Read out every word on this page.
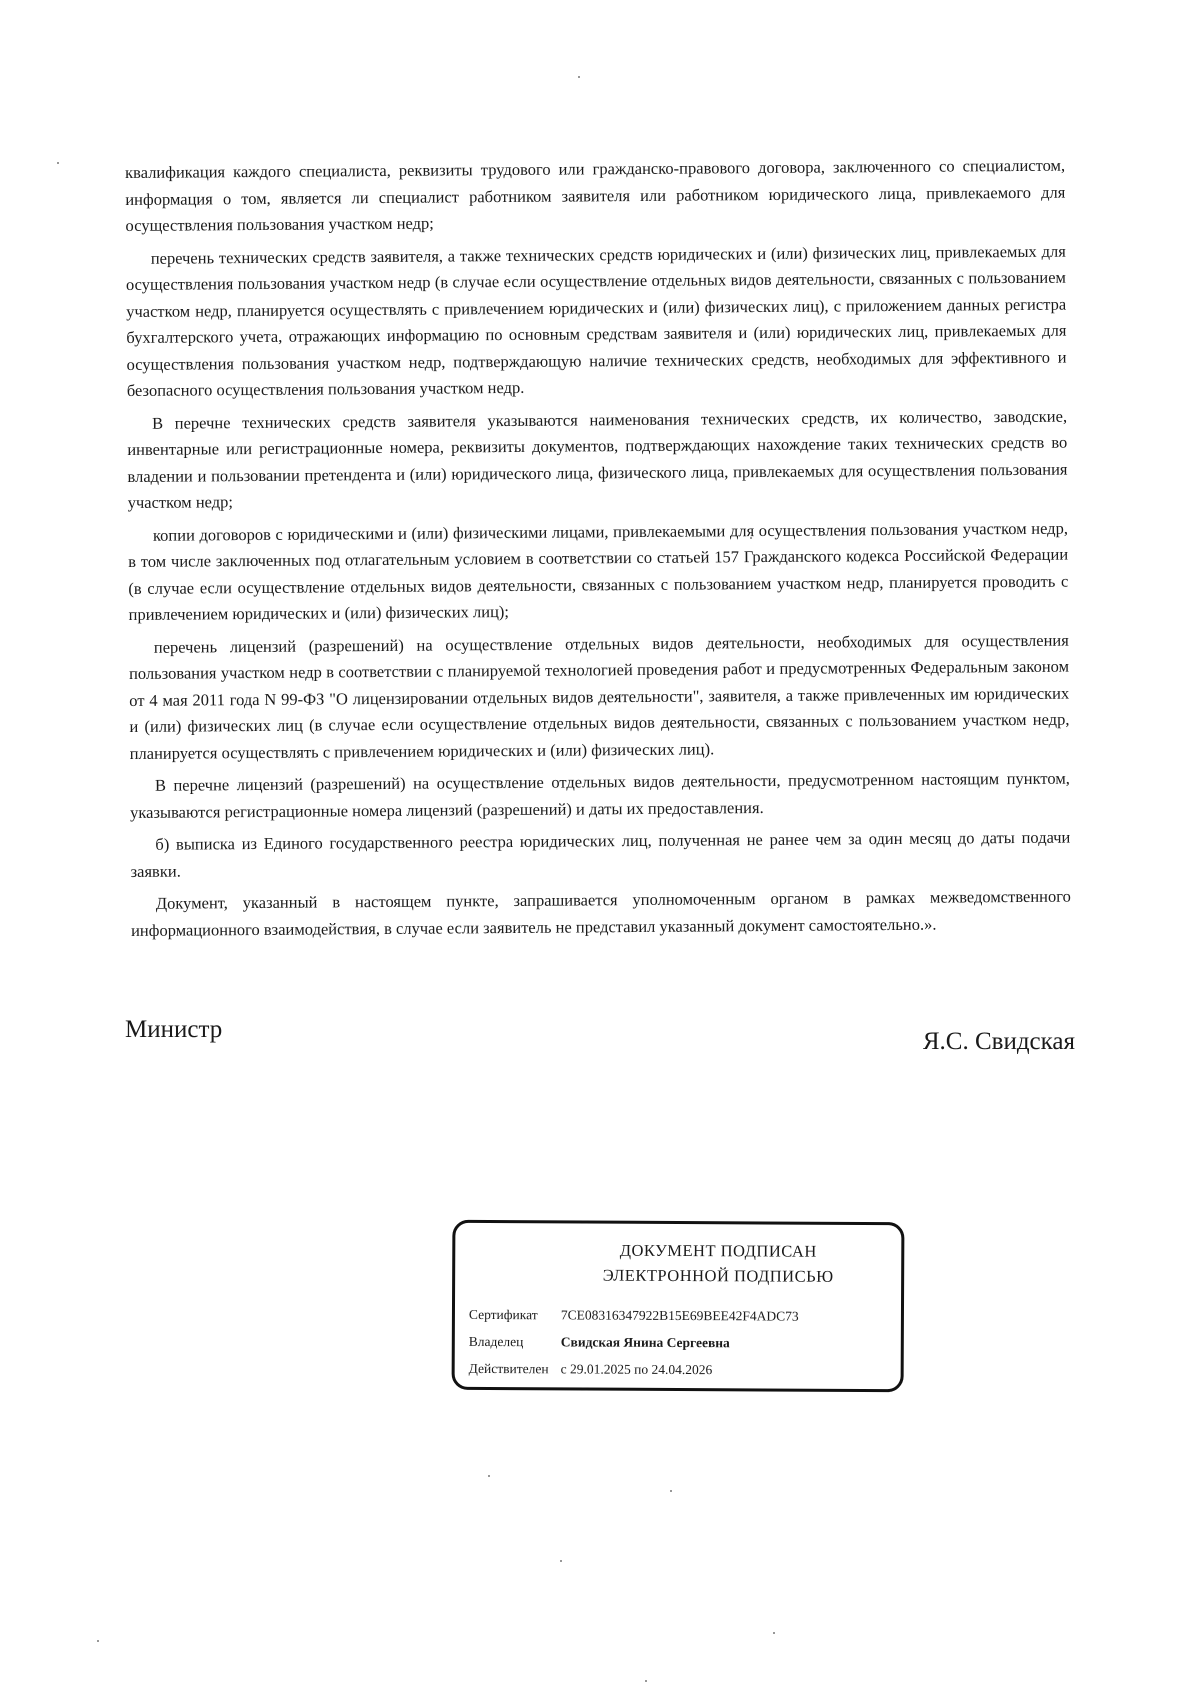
квалификация каждого специалиста, реквизиты трудового или гражданско-правового договора, заключенного со специалистом, информация о том, является ли специалист работником заявителя или работником юридического лица, привлекаемого для осуществления пользования участком недр;

перечень технических средств заявителя, а также технических средств юридических и (или) физических лиц, привлекаемых для осуществления пользования участком недр (в случае если осуществление отдельных видов деятельности, связанных с пользованием участком недр, планируется осуществлять с привлечением юридических и (или) физических лиц), с приложением данных регистра бухгалтерского учета, отражающих информацию по основным средствам заявителя и (или) юридических лиц, привлекаемых для осуществления пользования участком недр, подтверждающую наличие технических средств, необходимых для эффективного и безопасного осуществления пользования участком недр.

В перечне технических средств заявителя указываются наименования технических средств, их количество, заводские, инвентарные или регистрационные номера, реквизиты документов, подтверждающих нахождение таких технических средств во владении и пользовании претендента и (или) юридического лица, физического лица, привлекаемых для осуществления пользования участком недр;

копии договоров с юридическими и (или) физическими лицами, привлекаемыми для осуществления пользования участком недр, в том числе заключенных под отлагательным условием в соответствии со статьей 157 Гражданского кодекса Российской Федерации (в случае если осуществление отдельных видов деятельности, связанных с пользованием участком недр, планируется проводить с привлечением юридических и (или) физических лиц);

перечень лицензий (разрешений) на осуществление отдельных видов деятельности, необходимых для осуществления пользования участком недр в соответствии с планируемой технологией проведения работ и предусмотренных Федеральным законом от 4 мая 2011 года N 99-ФЗ "О лицензировании отдельных видов деятельности", заявителя, а также привлеченных им юридических и (или) физических лиц (в случае если осуществление отдельных видов деятельности, связанных с пользованием участком недр, планируется осуществлять с привлечением юридических и (или) физических лиц).

В перечне лицензий (разрешений) на осуществление отдельных видов деятельности, предусмотренном настоящим пунктом, указываются регистрационные номера лицензий (разрешений) и даты их предоставления.

б) выписка из Единого государственного реестра юридических лиц, полученная не ранее чем за один месяц до даты подачи заявки.

Документ, указанный в настоящем пункте, запрашивается уполномоченным органом в рамках межведомственного информационного взаимодействия, в случае если заявитель не представил указанный документ самостоятельно.».

Министр	Я.С. Свидская
ДОКУМЕНТ ПОДПИСАН
ЭЛЕКТРОННОЙ ПОДПИСЬЮ
Сертификат	7CE08316347922B15E69BEE42F4ADC73
Владелец	Свидская Янина Сергеевна
Действителен с 29.01.2025 по 24.04.2026
